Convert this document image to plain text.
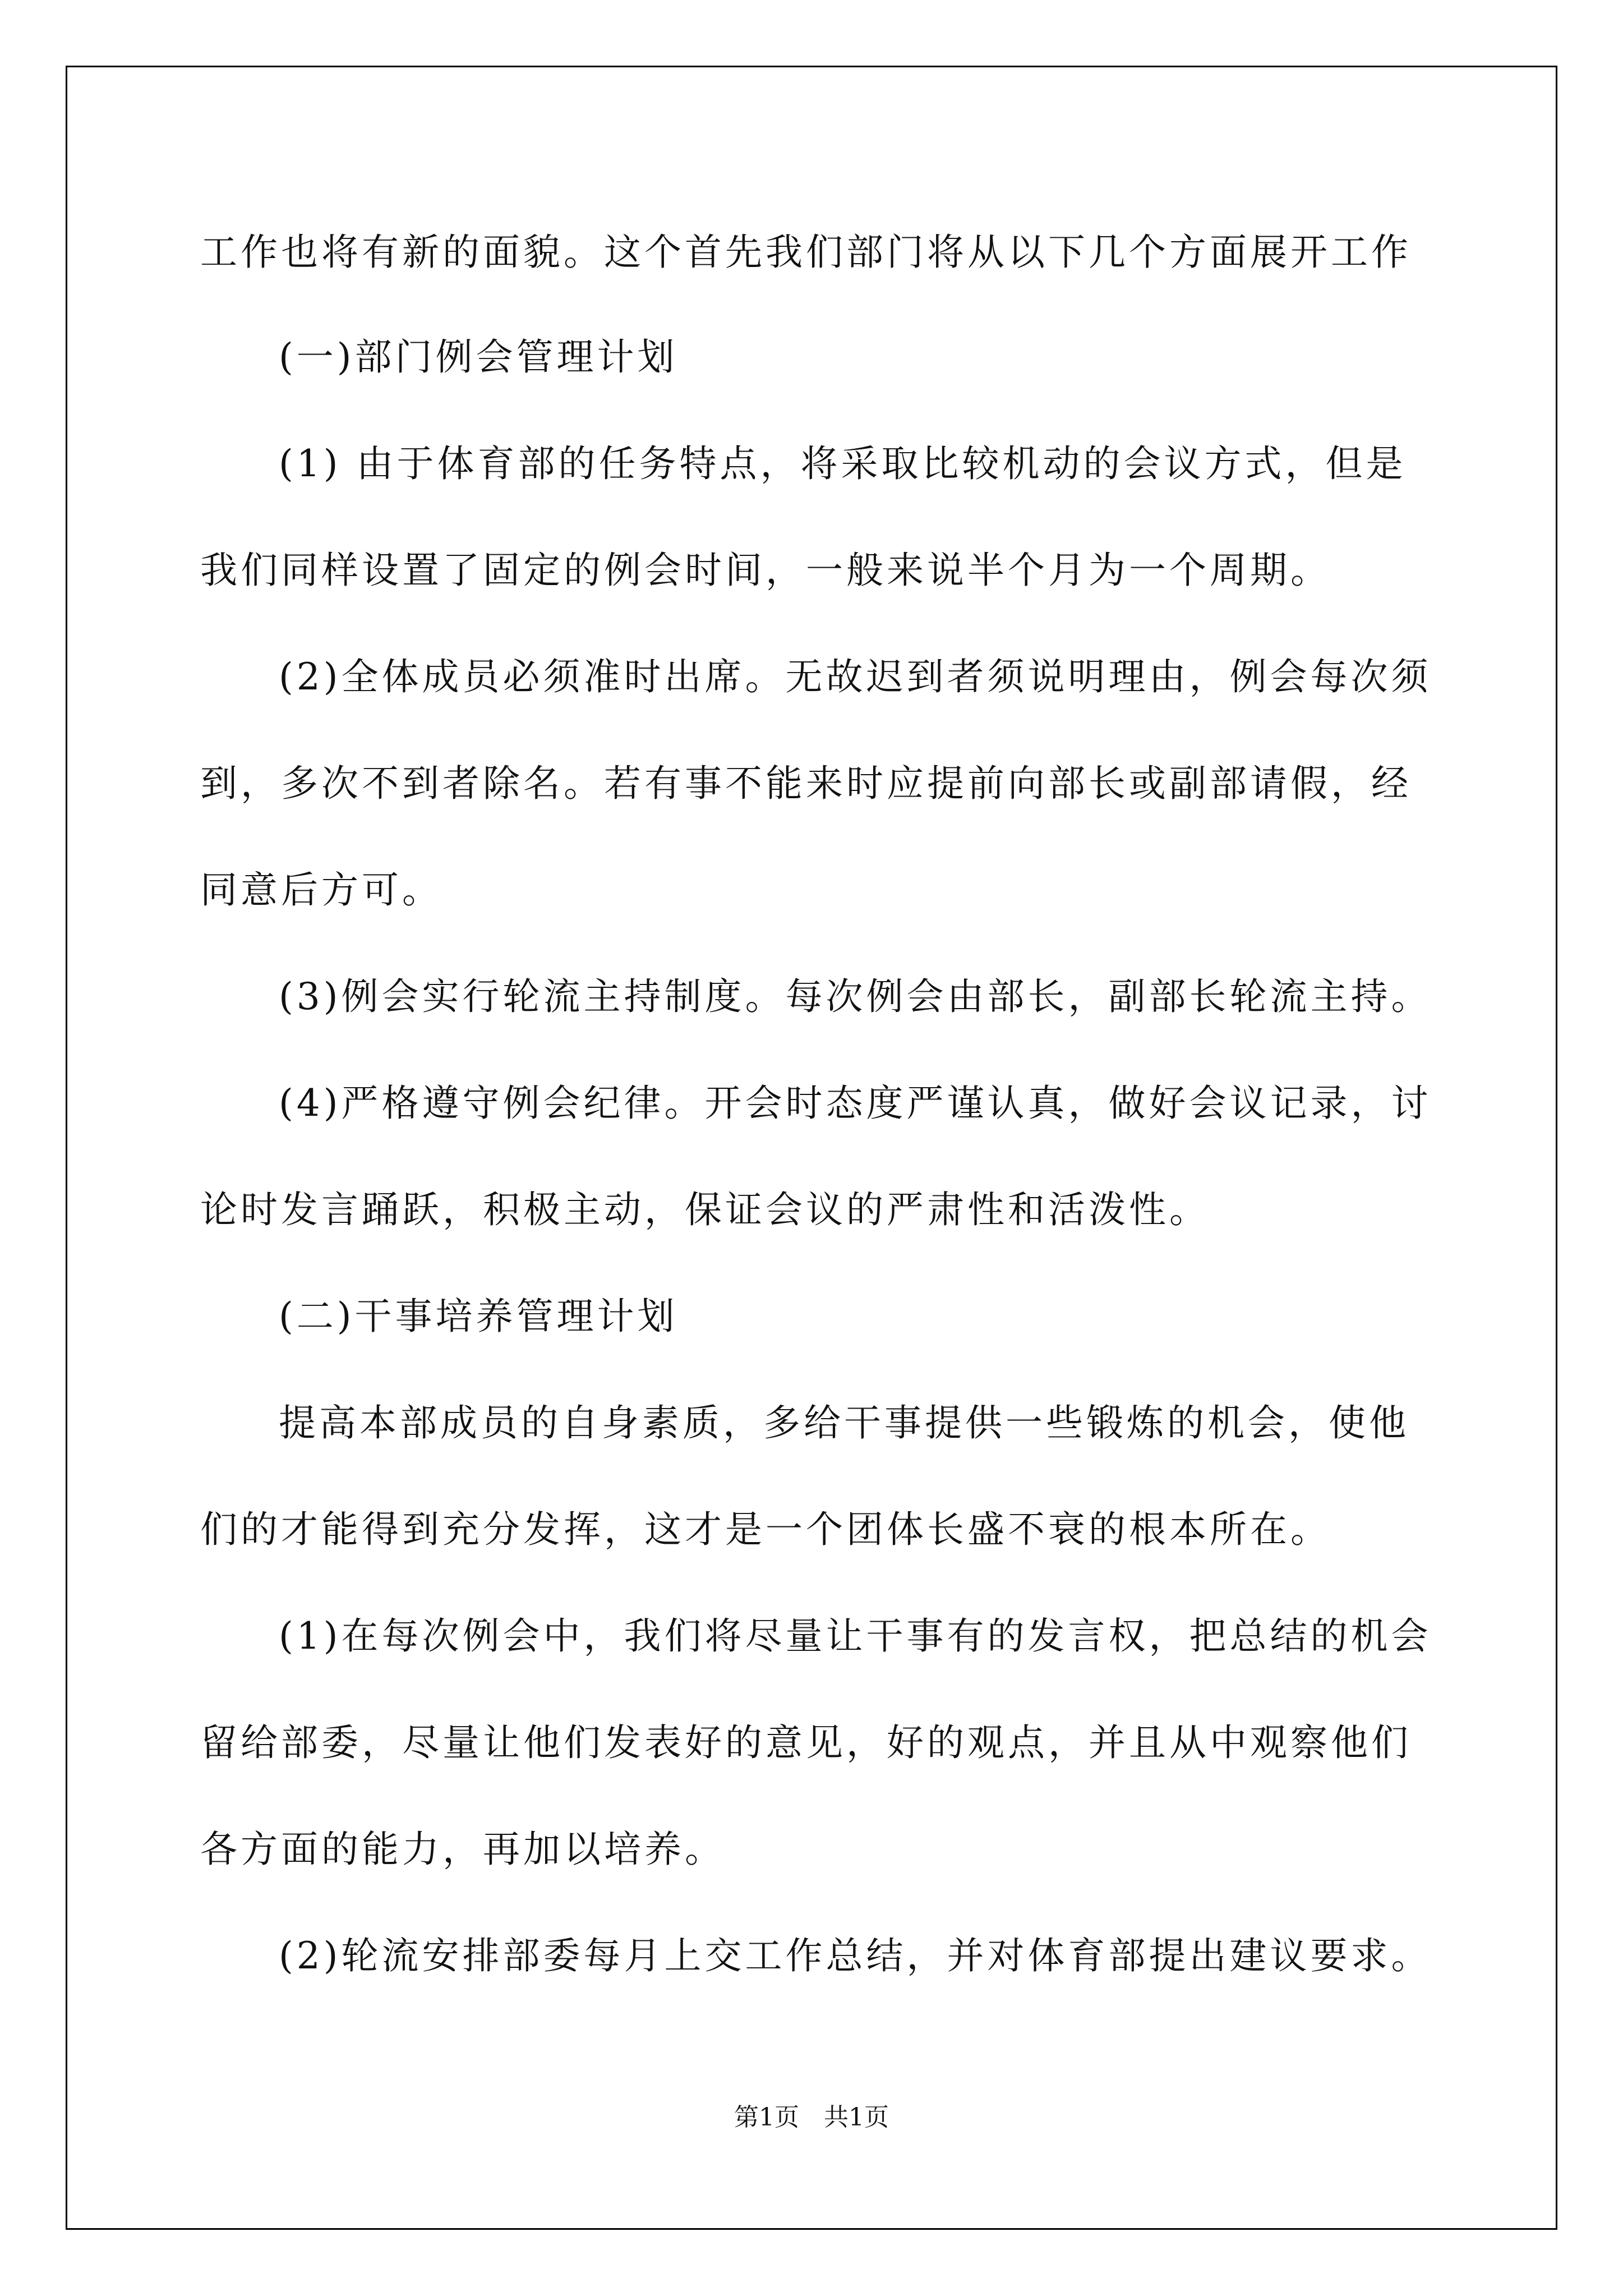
工作也将有新的面貌。这个首先我们部门将从以下几个方面展开工作
(一)部门例会管理计划
(1) 由于体育部的任务特点，将采取比较机动的会议方式，但是
我们同样设置了固定的例会时间，一般来说半个月为一个周期。
(2)全体成员必须准时出席。无故迟到者须说明理由，例会每次须
到，多次不到者除名。若有事不能来时应提前向部长或副部请假，经
同意后方可。
(3)例会实行轮流主持制度。每次例会由部长，副部长轮流主持。
(4)严格遵守例会纪律。开会时态度严谨认真，做好会议记录，讨
论时发言踊跃，积极主动，保证会议的严肃性和活泼性。
(二)干事培养管理计划
提高本部成员的自身素质，多给干事提供一些锻炼的机会，使他
们的才能得到充分发挥，这才是一个团体长盛不衰的根本所在。
(1)在每次例会中，我们将尽量让干事有的发言权，把总结的机会
留给部委，尽量让他们发表好的意见，好的观点，并且从中观察他们
各方面的能力，再加以培养。
(2)轮流安排部委每月上交工作总结，并对体育部提出建议要求。
第1页　共1页
